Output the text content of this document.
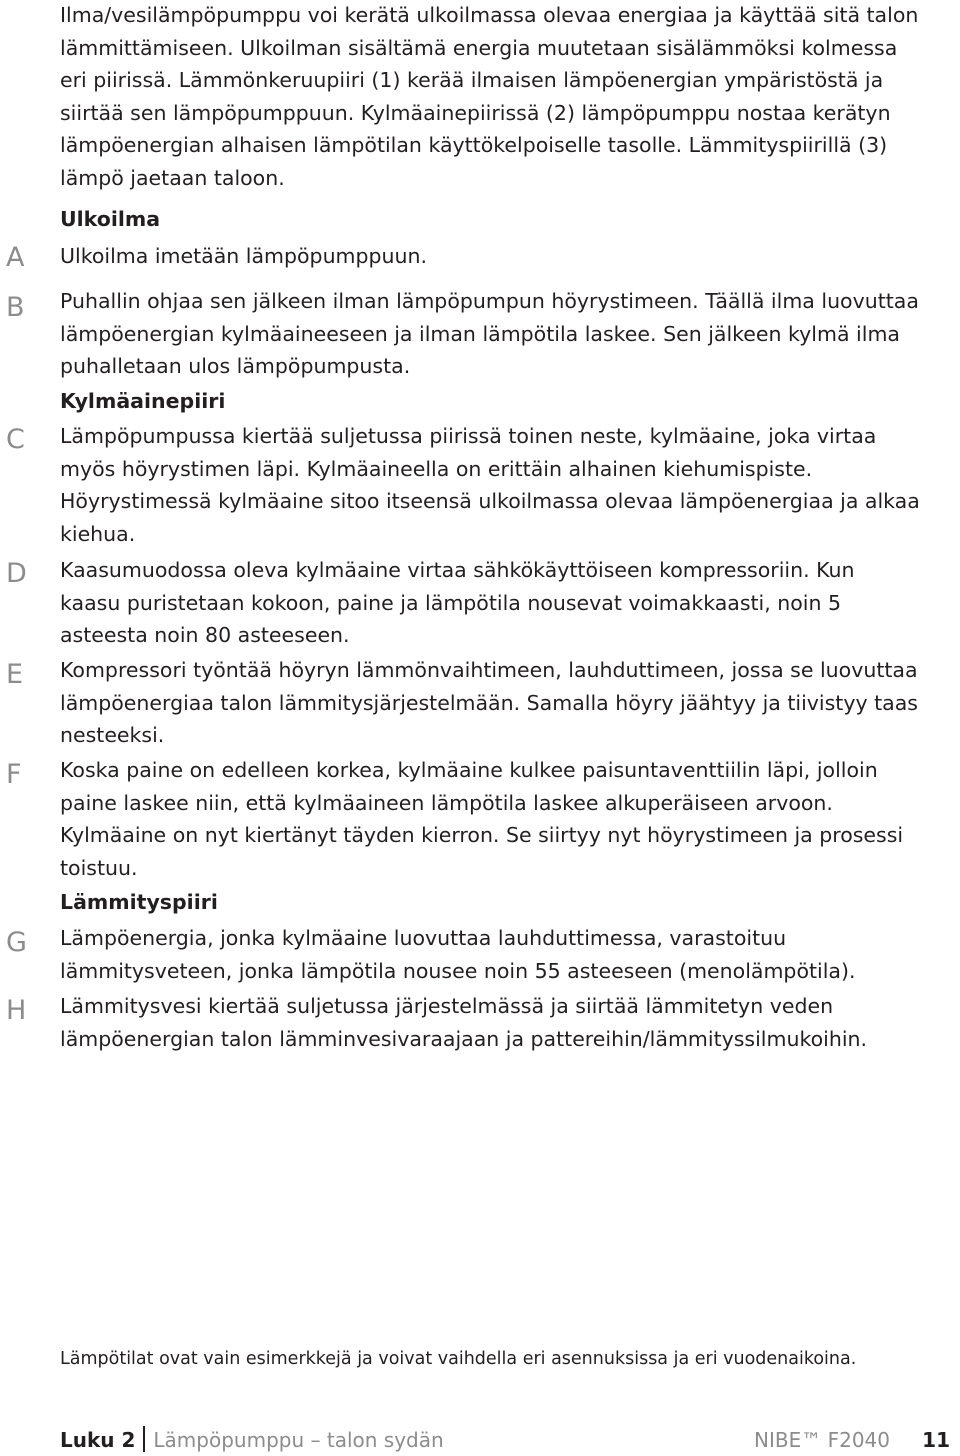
Ilma/vesilämpöpumppu voi kerätä ulkoilmassa olevaa energiaa ja käyttää sitä talon lämmittämiseen. Ulkoilman sisältämä energia muutetaan sisälämmöksi kolmessa eri piirissä. Lämmönkeruupiiri (1) kerää ilmaisen lämpöenergian ympäristöstä ja siirtää sen lämpöpumppuun. Kylmäainepiirissä (2) lämpöpumppu nostaa kerätyn lämpöenergian alhaisen lämpötilan käyttökelpoiselle tasolle. Lämmityspiirillä (3) lämpö jaetaan taloon.

Ulkoilma

A	Ulkoilma imetään lämpöpumppuun.

B	Puhallin ohjaa sen jälkeen ilman lämpöpumpun höyrystimeen. Täällä ilma luovuttaa lämpöenergian kylmäaineeseen ja ilman lämpötila laskee. Sen jälkeen kylmä ilma puhalletaan ulos lämpöpumpusta.

Kylmäainepiiri

C	Lämpöpumpussa kiertää suljetussa piirissä toinen neste, kylmäaine, joka virtaa myös höyrystimen läpi. Kylmäaineella on erittäin alhainen kiehumispiste. Höyrystimessä kylmäaine sitoo itseensä ulkoilmassa olevaa lämpöenergiaa ja alkaa kiehua.

D	Kaasumuodossa oleva kylmäaine virtaa sähkökäyttöiseen kompressoriin. Kun kaasu puristetaan kokoon, paine ja lämpötila nousevat voimakkaasti, noin 5 asteesta noin 80 asteeseen.

E	Kompressori työntää höyryn lämmönvaihtimeen, lauhduttimeen, jossa se luovuttaa lämpöenergiaa talon lämmitysjärjestelmään. Samalla höyry jäähtyy ja tiivistyy taas nesteeksi.

F	Koska paine on edelleen korkea, kylmäaine kulkee paisuntaventtiilin läpi, jolloin paine laskee niin, että kylmäaineen lämpötila laskee alkuperäiseen arvoon. Kylmäaine on nyt kiertänyt täyden kierron. Se siirtyy nyt höyrystimeen ja prosessi toistuu.

Lämmityspiiri

G	Lämpöenergia, jonka kylmäaine luovuttaa lauhduttimessa, varastoituu lämmitysveteen, jonka lämpötila nousee noin 55 asteeseen (menolämpötila).

H	Lämmitysvesi kiertää suljetussa järjestelmässä ja siirtää lämmitetyn veden lämpöenergian talon lämminvesivaraajaan ja pattereihin/lämmityssilmukoihin.

Lämpötilat ovat vain esimerkkejä ja voivat vaihdella eri asennuksissa ja eri vuodenaikoina.

Luku 2 Lämpöpumppu – talon sydän	NIBE™ F2040 11
